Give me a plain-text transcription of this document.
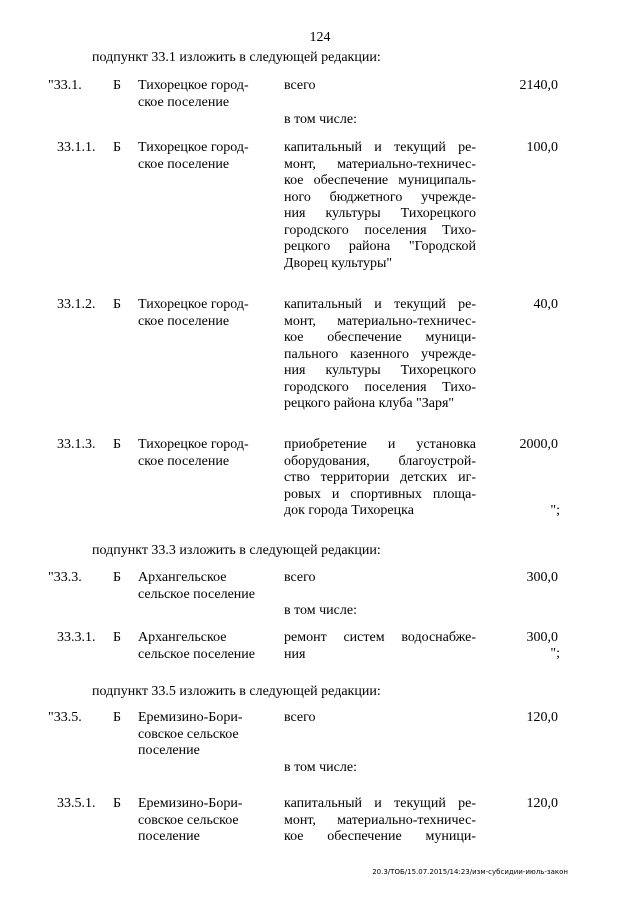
124
подпункт 33.1 изложить в следующей редакции:
"33.1.	Б	Тихорецкое город-
ское поселение
всего	2140,0
в том числе:
33.1.1.	Б	Тихорецкое город-
ское поселение
капитальный и текущий ре-
монт, материально-техничес-
кое обеспечение муниципаль-
ного бюджетного учрежде-
ния культуры Тихорецкого
городского поселения Тихо-
рецкого района "Городской
Дворец культуры"
100,0
33.1.2.	Б	Тихорецкое город-
ское поселение
капитальный и текущий ре-
монт, материально-техничес-
кое обеспечение муници-
пального казенного учрежде-
ния культуры Тихорецкого
городского поселения Тихо-
рецкого района клуба "Заря"
40,0
33.1.3.	Б	Тихорецкое город-
ское поселение
приобретение и установка
оборудования, благоустрой-
ство территории детских иг-
ровых и спортивных площа-
док города Тихорецка
2000,0
";
подпункт 33.3 изложить в следующей редакции:
"33.3.	Б	Архангельское
сельское поселение
всего	300,0
в том числе:
33.3.1.	Б	Архангельское
сельское поселение
ремонт систем водоснабже-
ния
300,0
";
подпункт 33.5 изложить в следующей редакции:
"33.5.	Б	Еремизино-Бори-
совское сельское
поселение
всего	120,0
в том числе:
33.5.1.	Б	Еремизино-Бори-
совское сельское
поселение
капитальный и текущий ре-
монт, материально-техничес-
кое обеспечение муници-
120,0
20.3/ТОБ/15.07.2015/14:23/изм-субсидии-июль-закон
